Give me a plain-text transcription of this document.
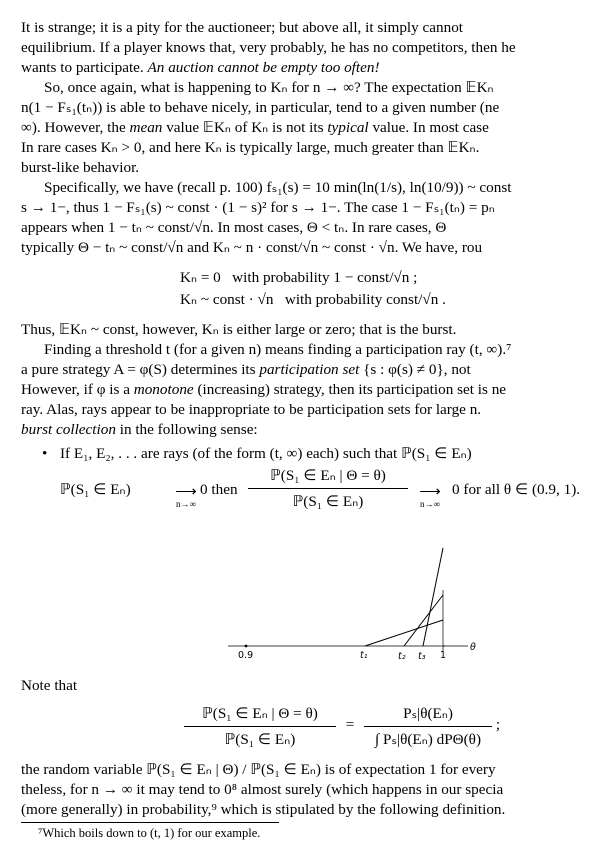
It is strange; it is a pity for the auctioneer; but above all, it simply cannot
equilibrium. If a player knows that, very probably, he has no competitors, then he
wants to participate. An auction cannot be empty too often!
So, once again, what is happening to Kₙ for n → ∞? The expectation 𝔼Kₙ
n(1 − Fₛ₁(tₙ)) is able to behave nicely, in particular, tend to a given number (ne
∞). However, the mean value 𝔼Kₙ of Kₙ is not its typical value. In most case
In rare cases Kₙ > 0, and here Kₙ is typically large, much greater than 𝔼Kₙ.
burst-like behavior.
Specifically, we have (recall p. 100) fₛ₁(s) = 10 min(ln(1/s), ln(10/9)) ~ const
s → 1−, thus 1 − Fₛ₁(s) ~ const · (1 − s)² for s → 1−. The case 1 − Fₛ₁(tₙ) = pₙ
appears when 1 − tₙ ~ const/√n. In most cases, Θ < tₙ. In rare cases, Θ
typically Θ − tₙ ~ const/√n and Kₙ ~ n · const/√n ~ const · √n. We have, rou
Kₙ = 0   with probability 1 − const/√n ;
Kₙ ~ const · √n   with probability const/√n .
Thus, 𝔼Kₙ ~ const, however, Kₙ is either large or zero; that is the burst.
Finding a threshold t (for a given n) means finding a participation ray (t, ∞).⁷
a pure strategy A = φ(S) determines its participation set {s : φ(s) ≠ 0}, not
However, if φ is a monotone (increasing) strategy, then its participation set is ne
ray. Alas, rays appear to be inappropriate to be participation sets for large n.
burst collection in the following sense:
• If E₁, E₂, . . . are rays (of the form (t, ∞) each) such that ℙ(S₁ ∈ Eₙ)
ℙ(S₁ ∈ Eₙ)	⟶
n→∞
0 then
ℙ(S₁ ∈ Eₙ | Θ = θ)
ℙ(S₁ ∈ Eₙ)
⟶
n→∞
0 for all θ ∈ (0.9, 1).
0.9	t₁	t₂ t₃ 1
θ
Note that
ℙ(S₁ ∈ Eₙ | Θ = θ)
ℙ(S₁ ∈ Eₙ)
=
Pₛ|θ(Eₙ)
∫ Pₛ|θ(Eₙ) dPΘ(θ)
;
the random variable ℙ(S₁ ∈ Eₙ | Θ) / ℙ(S₁ ∈ Eₙ) is of expectation 1 for every
theless, for n → ∞ it may tend to 0⁸ almost surely (which happens in our specia
(more generally) in probability,⁹ which is stipulated by the following definition.
⁷Which boils down to (t, 1) for our example.
